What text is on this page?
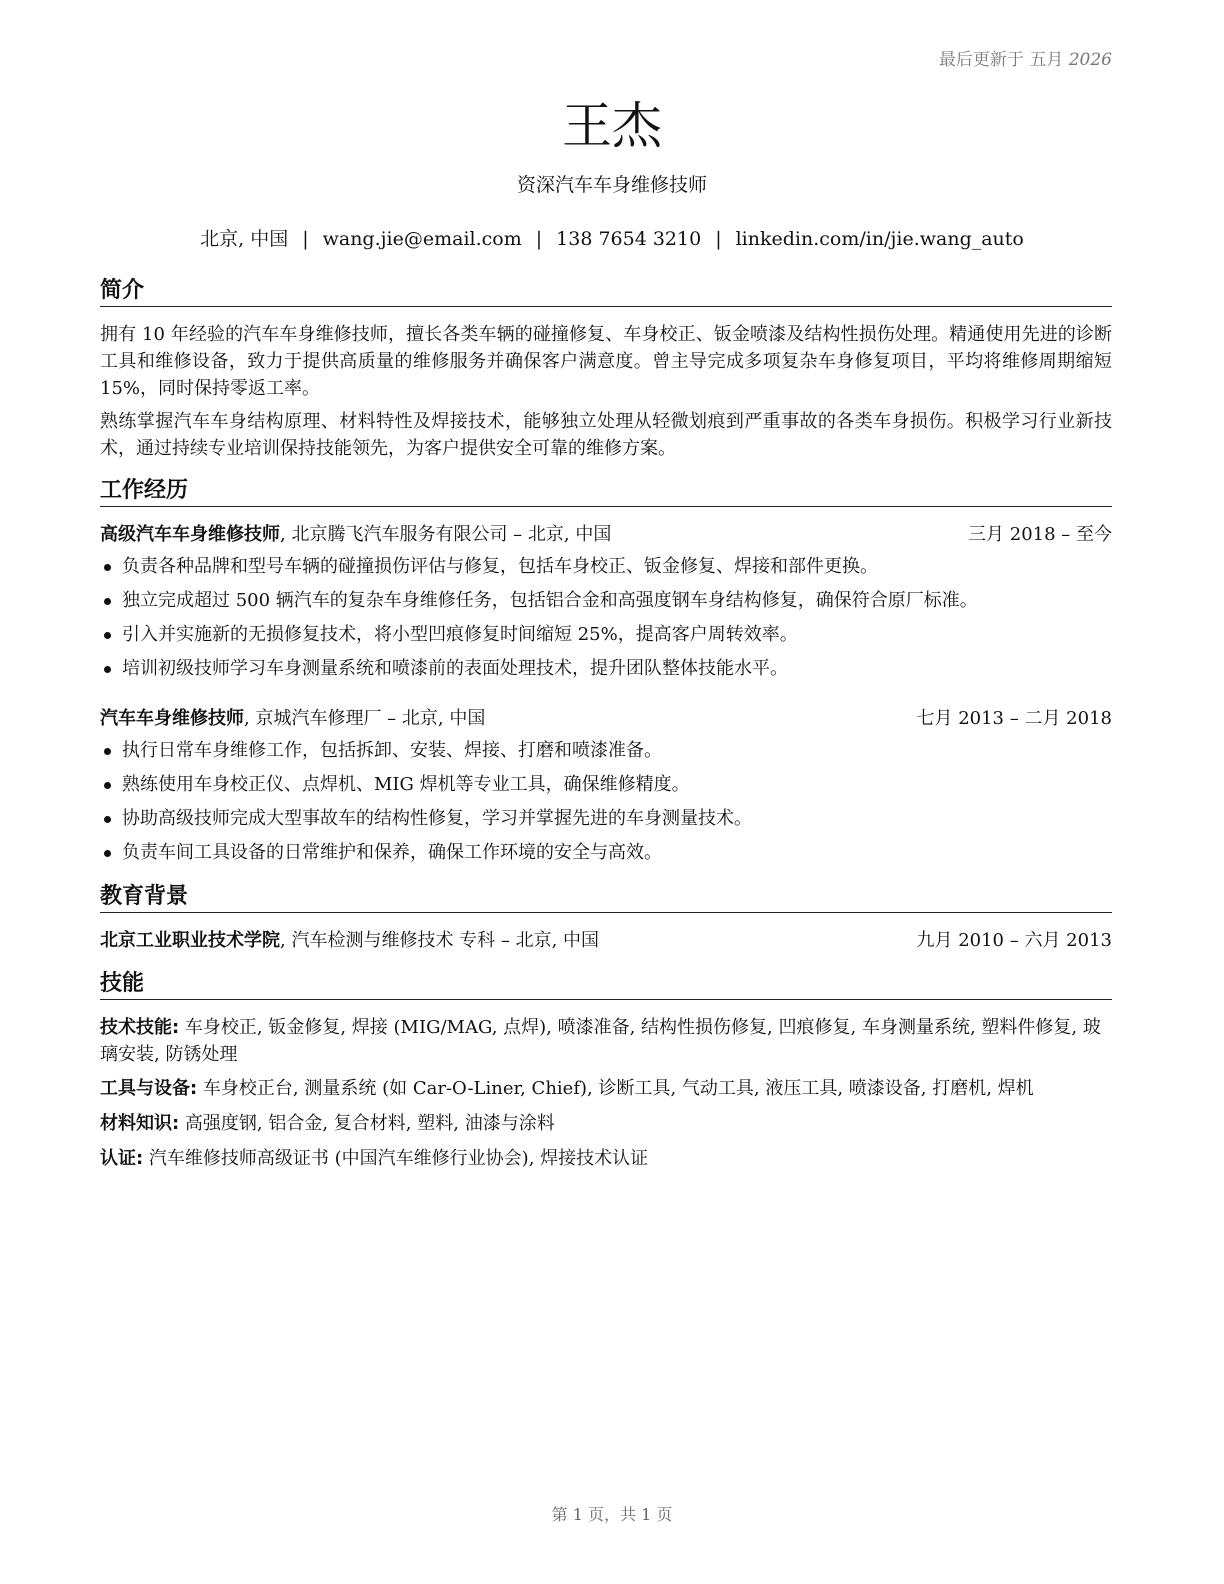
最后更新于 五月 2026
王杰
资深汽车车身维修技师
北京, 中国 | wang.jie@email.com | 138 7654 3210 | linkedin.com/in/jie.wang_auto
简介
拥有 10 年经验的汽车车身维修技师，擅长各类车辆的碰撞修复、车身校正、钣金喷漆及结构性损伤处理。精通使用先进的诊断工具和维修设备，致力于提供高质量的维修服务并确保客户满意度。曾主导完成多项复杂车身修复项目，平均将维修周期缩短 15%，同时保持零返工率。
熟练掌握汽车车身结构原理、材料特性及焊接技术，能够独立处理从轻微划痕到严重事故的各类车身损伤。积极学习行业新技术，通过持续专业培训保持技能领先，为客户提供安全可靠的维修方案。
工作经历
高级汽车车身维修技师, 北京腾飞汽车服务有限公司 – 北京, 中国	三月 2018 – 至今
负责各种品牌和型号车辆的碰撞损伤评估与修复，包括车身校正、钣金修复、焊接和部件更换。
独立完成超过 500 辆汽车的复杂车身维修任务，包括铝合金和高强度钢车身结构修复，确保符合原厂标准。
引入并实施新的无损修复技术，将小型凹痕修复时间缩短 25%，提高客户周转效率。
培训初级技师学习车身测量系统和喷漆前的表面处理技术，提升团队整体技能水平。
汽车车身维修技师, 京城汽车修理厂 – 北京, 中国	七月 2013 – 二月 2018
执行日常车身维修工作，包括拆卸、安装、焊接、打磨和喷漆准备。
熟练使用车身校正仪、点焊机、MIG 焊机等专业工具，确保维修精度。
协助高级技师完成大型事故车的结构性修复，学习并掌握先进的车身测量技术。
负责车间工具设备的日常维护和保养，确保工作环境的安全与高效。
教育背景
北京工业职业技术学院, 汽车检测与维修技术 专科 – 北京, 中国	九月 2010 – 六月 2013
技能
技术技能: 车身校正, 钣金修复, 焊接 (MIG/MAG, 点焊), 喷漆准备, 结构性损伤修复, 凹痕修复, 车身测量系统, 塑料件修复, 玻璃安装, 防锈处理
工具与设备: 车身校正台, 测量系统 (如 Car-O-Liner, Chief), 诊断工具, 气动工具, 液压工具, 喷漆设备, 打磨机, 焊机
材料知识: 高强度钢, 铝合金, 复合材料, 塑料, 油漆与涂料
认证: 汽车维修技师高级证书 (中国汽车维修行业协会), 焊接技术认证
第 1 页，共 1 页
